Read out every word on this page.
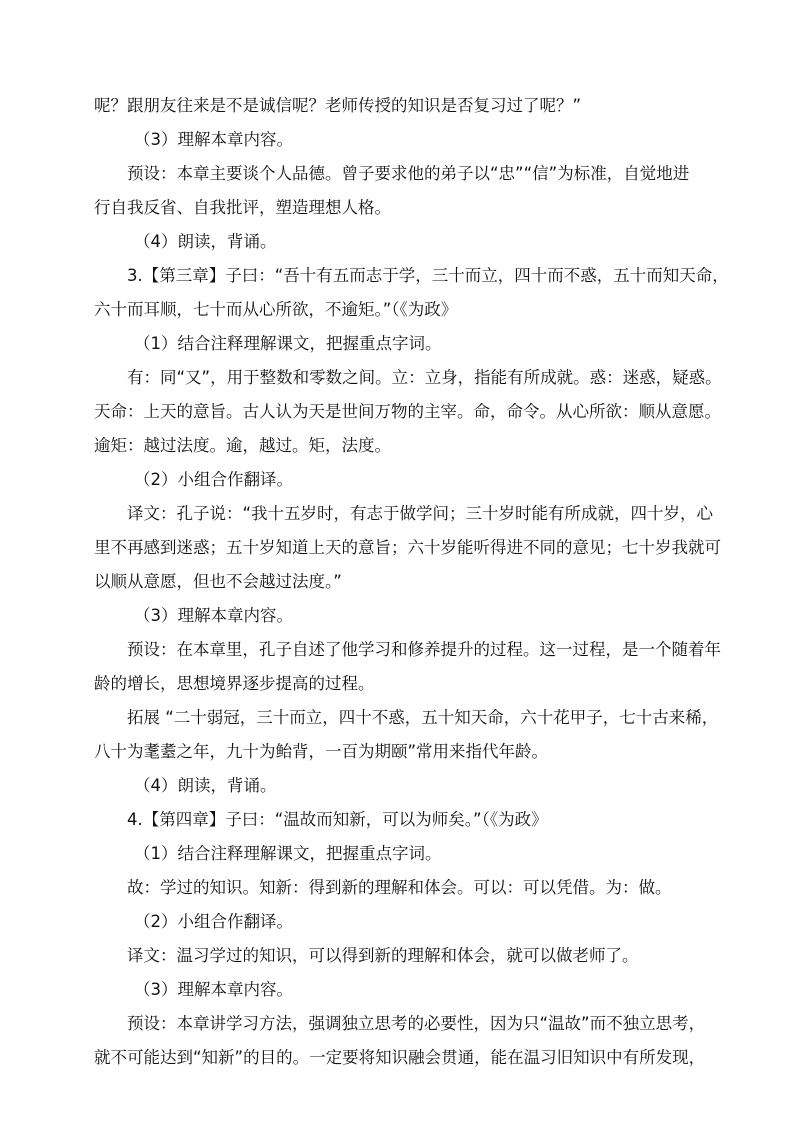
呢？跟朋友往来是不是诚信呢？老师传授的知识是否复习过了呢？”
（3）理解本章内容。
预设：本章主要谈个人品德。曾子要求他的弟子以“忠”“信”为标准，自觉地进
行自我反省、自我批评，塑造理想人格。
（4）朗读，背诵。
3.【第三章】子曰：“吾十有五而志于学，三十而立，四十而不惑，五十而知天命，
六十而耳顺，七十而从心所欲，不逾矩。”（《为政》
（1）结合注释理解课文，把握重点字词。
有：同“又”，用于整数和零数之间。立：立身，指能有所成就。惑：迷惑，疑惑。
天命：上天的意旨。古人认为天是世间万物的主宰。命，命令。从心所欲：顺从意愿。
逾矩：越过法度。逾，越过。矩，法度。
（2）小组合作翻译。
译文：孔子说：“我十五岁时，有志于做学问；三十岁时能有所成就，四十岁，心
里不再感到迷惑；五十岁知道上天的意旨；六十岁能听得进不同的意见；七十岁我就可
以顺从意愿，但也不会越过法度。”
（3）理解本章内容。
预设：在本章里，孔子自述了他学习和修养提升的过程。这一过程，是一个随着年
龄的增长，思想境界逐步提高的过程。
拓展 “二十弱冠，三十而立，四十不惑，五十知天命，六十花甲子，七十古来稀，
八十为耄耋之年，九十为鲐背，一百为期颐”常用来指代年龄。
（4）朗读，背诵。
4.【第四章】子曰：“温故而知新，可以为师矣。”（《为政》
（1）结合注释理解课文，把握重点字词。
故：学过的知识。知新：得到新的理解和体会。可以：可以凭借。为：做。
（2）小组合作翻译。
译文：温习学过的知识，可以得到新的理解和体会，就可以做老师了。
（3）理解本章内容。
预设：本章讲学习方法，强调独立思考的必要性，因为只“温故”而不独立思考，
就不可能达到“知新”的目的。一定要将知识融会贯通，能在温习旧知识中有所发现，
